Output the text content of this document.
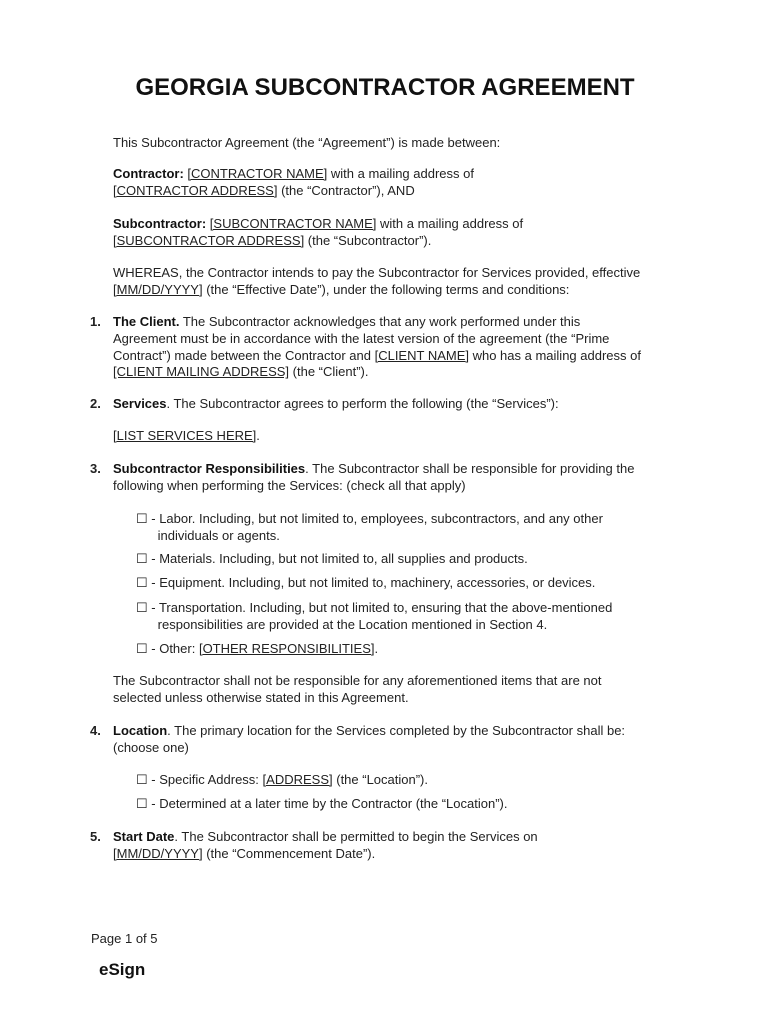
GEORGIA SUBCONTRACTOR AGREEMENT
This Subcontractor Agreement (the “Agreement”) is made between:
Contractor: [CONTRACTOR NAME] with a mailing address of
[CONTRACTOR ADDRESS] (the “Contractor”), AND
Subcontractor: [SUBCONTRACTOR NAME] with a mailing address of
[SUBCONTRACTOR ADDRESS] (the “Subcontractor”).
WHEREAS, the Contractor intends to pay the Subcontractor for Services provided, effective
[MM/DD/YYYY] (the “Effective Date”), under the following terms and conditions:
1. The Client. The Subcontractor acknowledges that any work performed under this
Agreement must be in accordance with the latest version of the agreement (the “Prime
Contract”) made between the Contractor and [CLIENT NAME] who has a mailing address of
[CLIENT MAILING ADDRESS] (the “Client”).
2. Services. The Subcontractor agrees to perform the following (the “Services”):
[LIST SERVICES HERE].
3. Subcontractor Responsibilities. The Subcontractor shall be responsible for providing the
following when performing the Services: (check all that apply)
☐ - Labor. Including, but not limited to, employees, subcontractors, and any other
individuals or agents.
☐ - Materials. Including, but not limited to, all supplies and products.
☐ - Equipment. Including, but not limited to, machinery, accessories, or devices.
☐ - Transportation. Including, but not limited to, ensuring that the above-mentioned
responsibilities are provided at the Location mentioned in Section 4.
☐ - Other: [OTHER RESPONSIBILITIES].
The Subcontractor shall not be responsible for any aforementioned items that are not
selected unless otherwise stated in this Agreement.
4. Location. The primary location for the Services completed by the Subcontractor shall be:
(choose one)
☐ - Specific Address: [ADDRESS] (the “Location”).
☐ - Determined at a later time by the Contractor (the “Location”).
5. Start Date. The Subcontractor shall be permitted to begin the Services on
[MM/DD/YYYY] (the “Commencement Date”).
Page 1 of 5
eSign
